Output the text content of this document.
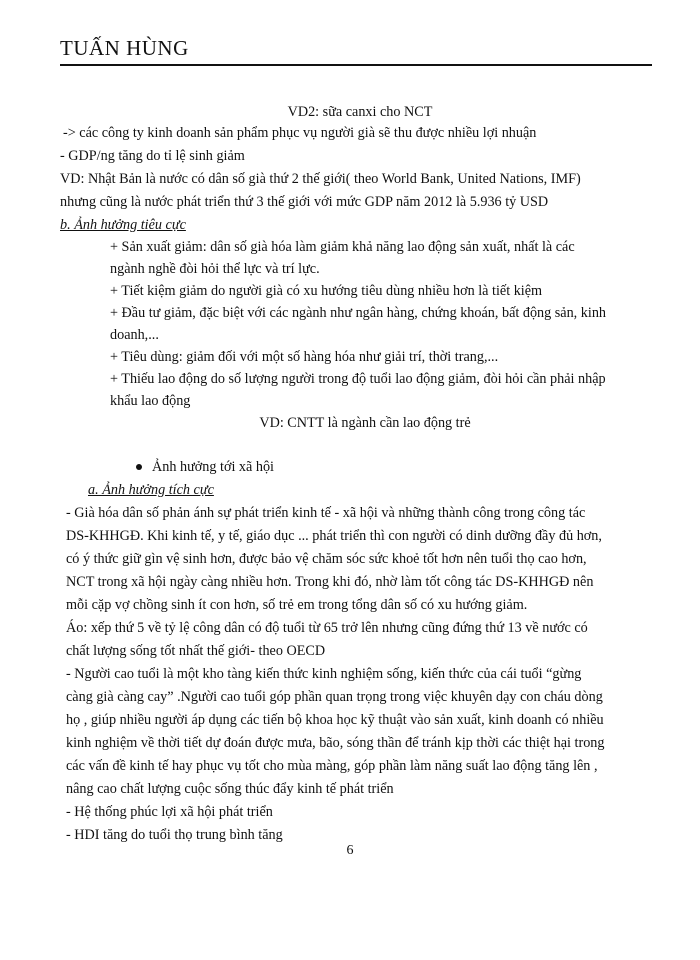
TUẤN HÙNG
VD2: sữa canxi cho NCT
-> các công ty kinh doanh sản phẩm phục vụ người già sẽ thu được nhiều lợi nhuận
- GDP/ng tăng do tỉ lệ sinh giảm
VD: Nhật Bản là nước có dân số già thứ 2 thế giới( theo World Bank, United Nations, IMF)
nhưng cũng là nước phát triển thứ 3 thế giới với mức GDP năm 2012 là 5.936 tỷ USD
b. Ảnh hưởng tiêu cực
+ Sản xuất giảm: dân số già hóa làm giảm khả năng lao động sản xuất, nhất là các
ngành nghề đòi hỏi thể lực và trí lực.
+ Tiết kiệm giảm do người già có xu hướng tiêu dùng nhiều hơn là tiết kiệm
+ Đầu tư giảm, đặc biệt với các ngành như ngân hàng, chứng khoán, bất động sản, kinh
doanh,...
+ Tiêu dùng: giảm đối với một số hàng hóa như giải trí, thời trang,...
+ Thiếu lao động do số lượng người trong độ tuổi lao động giảm, đòi hỏi cần phải nhập
khẩu lao động
VD: CNTT là ngành cần lao động trẻ
Ảnh hưởng tới xã hội
a. Ảnh hưởng tích cực
- Già hóa dân số phản ánh sự phát triển kinh tế - xã hội và những thành công trong công tác
DS-KHHGĐ. Khi kinh tế, y tế, giáo dục ... phát triển thì con người có dinh dưỡng đầy đủ hơn,
có ý thức giữ gìn vệ sinh hơn, được bảo vệ chăm sóc sức khoẻ tốt hơn nên tuổi thọ cao hơn,
NCT trong xã hội ngày càng nhiều hơn. Trong khi đó, nhờ làm tốt công tác DS-KHHGĐ nên
mỗi cặp vợ chồng sinh ít con hơn, số trẻ em trong tổng dân số có xu hướng giảm.
Áo: xếp thứ 5 về tỷ lệ công dân có độ tuổi từ 65 trở lên nhưng cũng đứng thứ 13 về nước có
chất lượng sống tốt nhất thế giới- theo OECD
- Người cao tuổi là một kho tàng kiến thức kinh nghiệm sống, kiến thức của cái tuổi “gừng
càng già càng cay” .Người cao tuổi góp phần quan trọng trong việc khuyên dạy con cháu dòng
họ , giúp nhiều người áp dụng các tiến bộ khoa học kỹ thuật vào sản xuất, kinh doanh có nhiều
kinh nghiệm về thời tiết dự đoán được mưa, bão, sóng thần để tránh kịp thời các thiệt hại trong
các vấn đề kinh tế hay phục vụ tốt cho mùa màng, góp phần làm năng suất lao động tăng lên ,
nâng cao chất lượng cuộc sống thúc đẩy kinh tế phát triển
- Hệ thống phúc lợi xã hội phát triển
- HDI tăng do tuổi thọ trung bình tăng
6
